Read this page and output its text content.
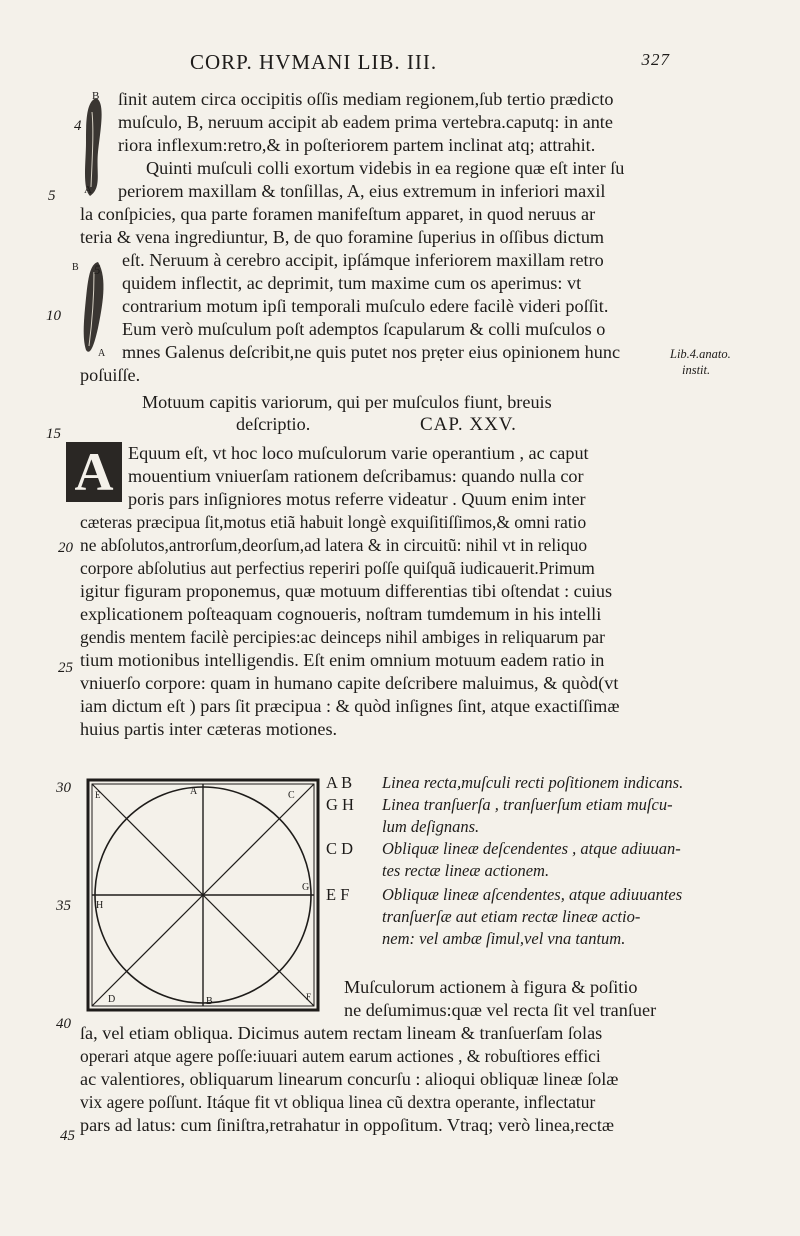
CORP. HVMANI LIB. III.	327
B
4
A
B 5
A
5
10
15
20
25
30
35
40
45
ſinit autem circa occipitis oſſis mediam regionem,ſub tertio prædicto
muſculo, B, neruum accipit ab eadem prima vertebra.caputq: in ante
riora inflexum:retro,& in poſteriorem partem inclinat atq; attrahit.
Quinti muſculi colli exortum videbis in ea regione quæ eſt inter ſu
periorem maxillam & tonſillas, A, eius extremum in inferiori maxil
la conſpicies, qua parte foramen manifeſtum apparet, in quod neruus ar
teria & vena ingrediuntur, B, de quo foramine ſuperius in oſſibus dictum
eſt. Neruum à cerebro accipit, ipſámque inferiorem maxillam retro
quidem inflectit, ac deprimit, tum maxime cum os aperimus: vt
contrarium motum ipſi temporali muſculo edere facilè videri poſſit.
Eum verò muſculum poſt ademptos ſcapularum & colli muſculos o
mnes Galenus deſcribit,ne quis putet nos prẹter eius opinionem hunc
poſuiſſe.
Lib.4.anato.
instit.
Motuum capitis variorum, qui per muſculos fiunt, breuis
deſcriptio.	CAP. XXV.
A Equum eſt, vt hoc loco muſculorum varie operantium , ac caput
mouentium vniuerſam rationem deſcribamus: quando nulla cor
poris pars inſigniores motus referre videatur . Quum enim inter
cæteras præcipua ſit,motus etiã habuit longè exquiſitiſſimos,& omni ratio
ne abſolutos,antrorſum,deorſum,ad latera & in circuitũ: nihil vt in reliquo
corpore abſolutius aut perfectius reperiri poſſe quiſquã iudicauerit.Primum
igitur figuram proponemus, quæ motuum differentias tibi oſtendat : cuius
explicationem poſteaquam cognoueris, noſtram tumdemum in his intelli
gendis mentem facilè percipies:ac deinceps nihil ambiges in reliquarum par
tium motionibus intelligendis. Eſt enim omnium motuum eadem ratio in
vniuerſo corpore: quam in humano capite deſcribere maluimus, & quòd(vt
iam dictum eſt ) pars ſit præcipua : & quòd inſignes ſint, atque exactiſſimæ
huius partis inter cæteras motiones.
A
B
C
D
E
F
G
H
A B Linea recta,muſculi recti poſitionem indicans.
G H Linea tranſuerſa , tranſuerſum etiam muſcu-
lum deſignans.
C D Obliquæ lineæ deſcendentes , atque adiuuan-
tes rectæ lineæ actionem.
E F Obliquæ lineæ aſcendentes, atque adiuuantes
tranſuerſæ aut etiam rectæ lineæ actio-
nem: vel ambæ ſimul,vel vna tantum.
Muſculorum actionem à figura & poſitio
ne deſumimus:quæ vel recta ſit vel tranſuer
ſa, vel etiam obliqua. Dicimus autem rectam lineam & tranſuerſam ſolas
operari atque agere poſſe:iuuari autem earum actiones , & robuſtiores effici
ac valentiores, obliquarum linearum concurſu : alioqui obliquæ lineæ ſolæ
vix agere poſſunt. Itáque fit vt obliqua linea cũ dextra operante, inflectatur
pars ad latus: cum ſiniſtra,retrahatur in oppoſitum. Vtraq; verò linea,rectæ
